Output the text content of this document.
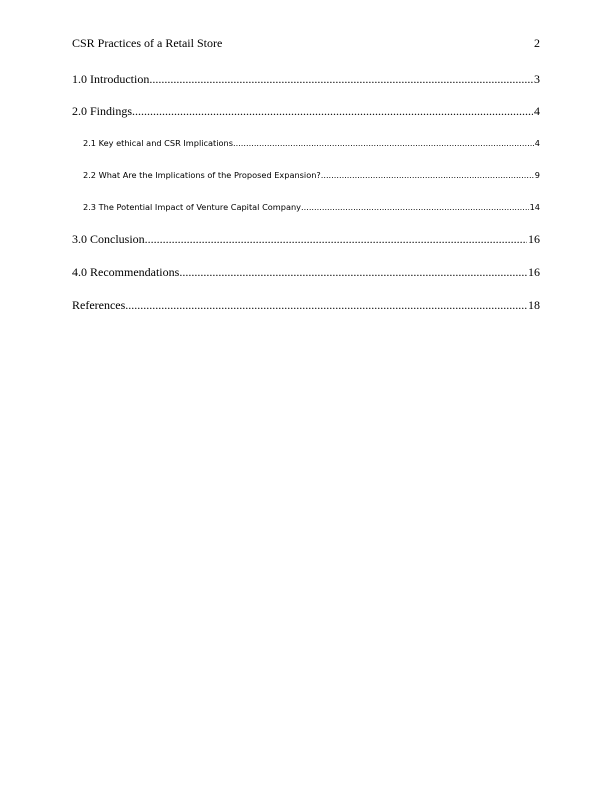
CSR Practices of a Retail Store	2
1.0 Introduction .....	3
2.0 Findings .....	4
2.1 Key ethical and CSR Implications .....	4
2.2 What Are the Implications of the Proposed Expansion? .....	9
2.3 The Potential Impact of Venture Capital Company .....	14
3.0 Conclusion .....	16
4.0 Recommendations .....	16
References .....	18
